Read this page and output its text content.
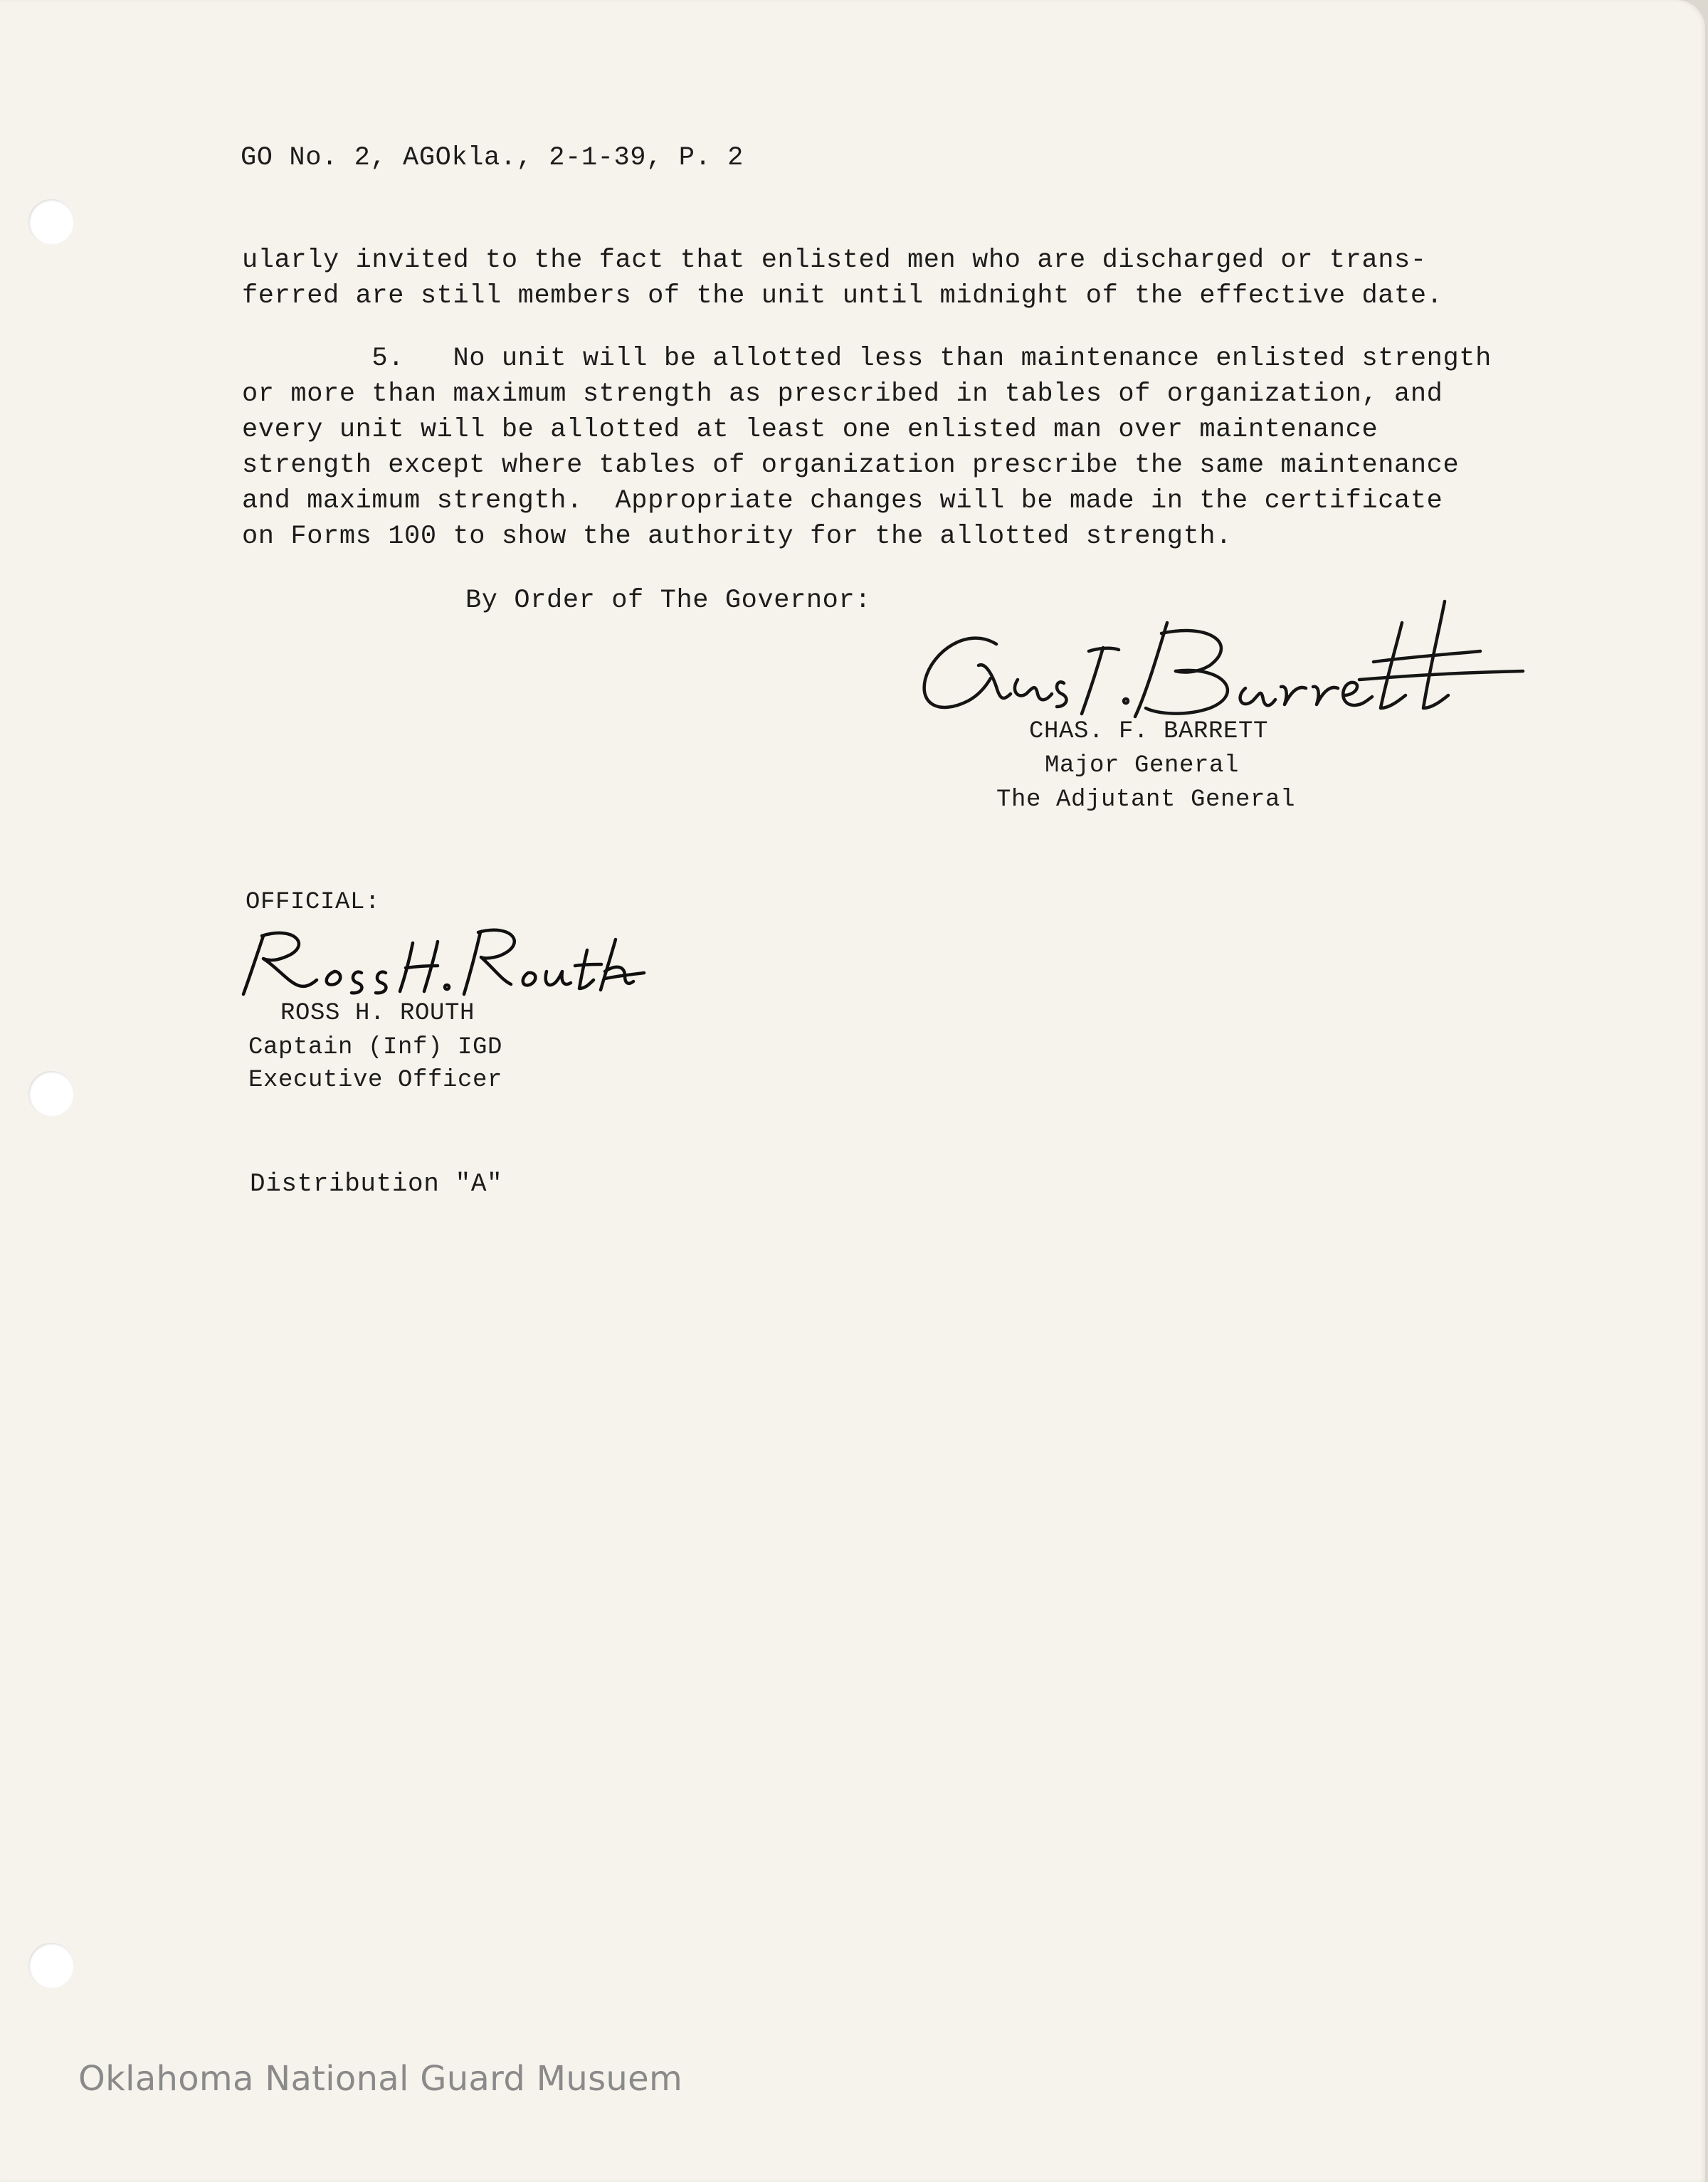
GO No. 2, AGOkla., 2-1-39, P. 2
ularly invited to the fact that enlisted men who are discharged or trans-
ferred are still members of the unit until midnight of the effective date.
5.   No unit will be allotted less than maintenance enlisted strength
or more than maximum strength as prescribed in tables of organization, and
every unit will be allotted at least one enlisted man over maintenance
strength except where tables of organization prescribe the same maintenance
and maximum strength.  Appropriate changes will be made in the certificate
on Forms 100 to show the authority for the allotted strength.
By Order of The Governor:
CHAS. F. BARRETT
Major General
The Adjutant General
OFFICIAL:
ROSS H. ROUTH
Captain (Inf) IGD
Executive Officer
Distribution "A"
Oklahoma National Guard Musuem
